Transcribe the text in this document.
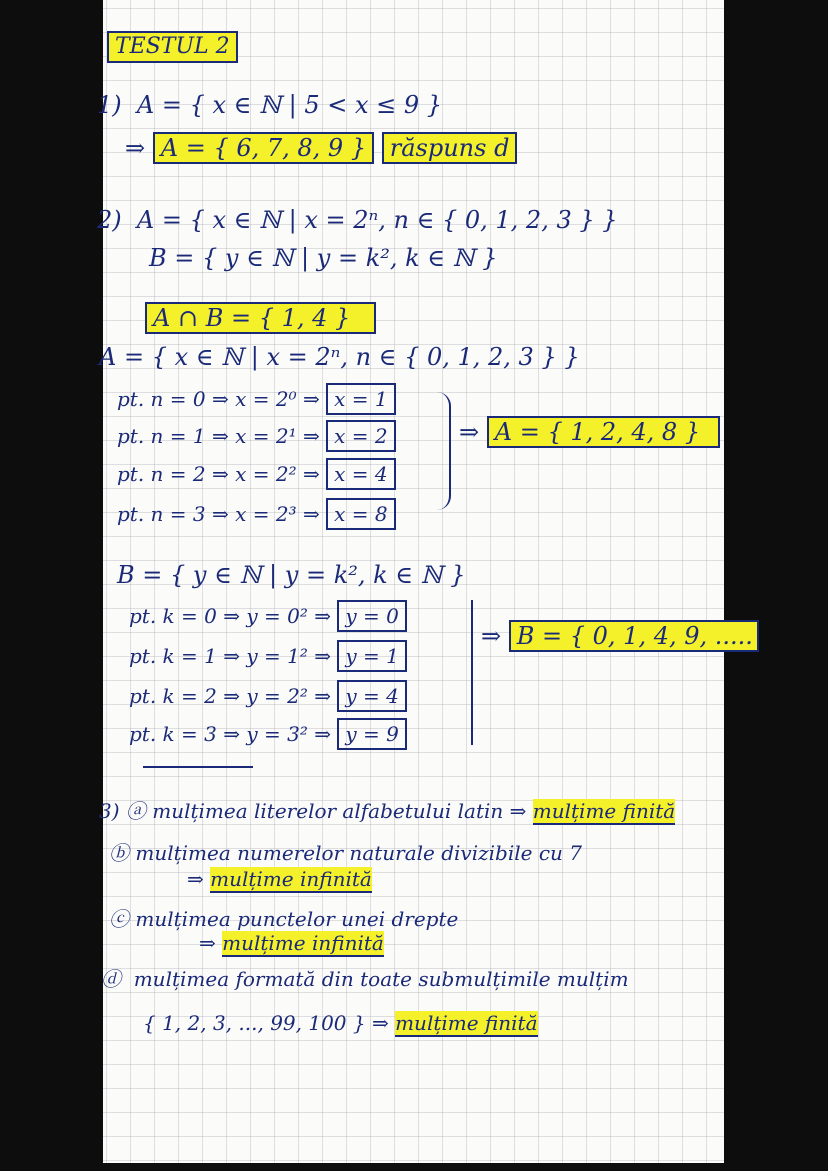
TESTUL 2
1) A = { x ∈ ℕ | 5 < x ≤ 9 }
⇒ A = { 6, 7, 8, 9 } răspuns d
2) A = { x ∈ ℕ | x = 2ⁿ, n ∈ { 0, 1, 2, 3 } }
B = { y ∈ ℕ | y = k², k ∈ ℕ }
A ∩ B = { 1, 4 }
A = { x ∈ ℕ | x = 2ⁿ, n ∈ { 0, 1, 2, 3 } }
pt. n = 0 ⇒ x = 2⁰ ⇒ x = 1
pt. n = 1 ⇒ x = 2¹ ⇒ x = 2
pt. n = 2 ⇒ x = 2² ⇒ x = 4
pt. n = 3 ⇒ x = 2³ ⇒ x = 8
⇒ A = { 1, 2, 4, 8 }
B = { y ∈ ℕ | y = k², k ∈ ℕ }
pt. k = 0 ⇒ y = 0² ⇒ y = 0
pt. k = 1 ⇒ y = 1² ⇒ y = 1
pt. k = 2 ⇒ y = 2² ⇒ y = 4
pt. k = 3 ⇒ y = 3² ⇒ y = 9
⇒ B = { 0, 1, 4, 9, .....
3) ⓐ mulțimea literelor alfabetului latin ⇒ mulțime finită
ⓑ mulțimea numerelor naturale divizibile cu 7
⇒ mulțime infinită
ⓒ mulțimea punctelor unei drepte
⇒ mulțime infinită
ⓓ mulțimea formată din toate submulțimile mulțim
{ 1, 2, 3, ..., 99, 100 } ⇒ mulțime finită
